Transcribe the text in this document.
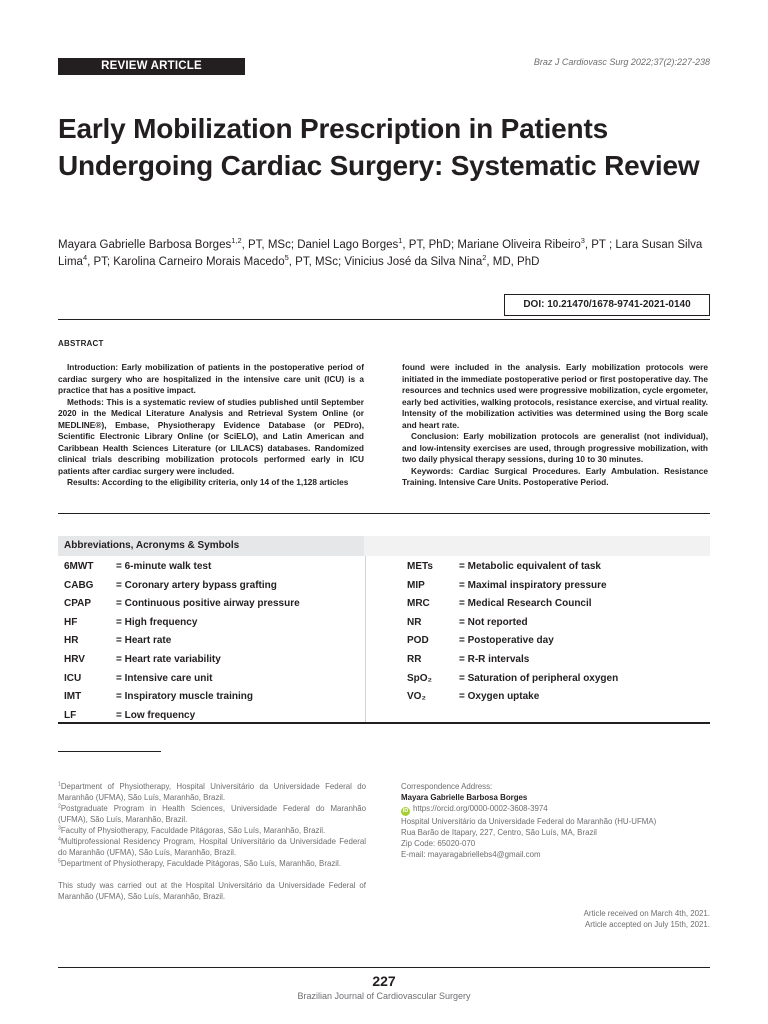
REVIEW ARTICLE	Braz J Cardiovasc Surg 2022;37(2):227-238
Early Mobilization Prescription in Patients Undergoing Cardiac Surgery: Systematic Review
Mayara Gabrielle Barbosa Borges$^{1,2}$, PT, MSc; Daniel Lago Borges$^1$, PT, PhD; Mariane Oliveira Ribeiro$^3$, PT ; Lara Susan Silva Lima$^4$, PT; Karolina Carneiro Morais Macedo$^5$, PT, MSc; Vinicius José da Silva Nina$^2$, MD, PhD
DOI: 10.21470/1678-9741-2021-0140
ABSTRACT

Introduction: Early mobilization of patients in the postoperative period of cardiac surgery who are hospitalized in the intensive care unit (ICU) is a practice that has a positive impact.

Methods: This is a systematic review of studies published until September 2020 in the Medical Literature Analysis and Retrieval System Online (or MEDLINE®), Embase, Physiotherapy Evidence Database (or PEDro), Scientific Electronic Library Online (or SciELO), and Latin American and Caribbean Health Sciences Literature (or LILACS) databases. Randomized clinical trials describing mobilization protocols performed early in ICU patients after cardiac surgery were included.

Results: According to the eligibility criteria, only 14 of the 1,128 articles

found were included in the analysis. Early mobilization protocols were initiated in the immediate postoperative period or first postoperative day. The resources and technics used were progressive mobilization, cycle ergometer, early bed activities, walking protocols, resistance exercise, and virtual reality. Intensity of the mobilization activities was determined using the Borg scale and heart rate.

Conclusion: Early mobilization protocols are generalist (not individual), and low-intensity exercises are used, through progressive mobilization, with two daily physical therapy sessions, during 10 to 30 minutes.

Keywords: Cardiac Surgical Procedures. Early Ambulation. Resistance Training. Intensive Care Units. Postoperative Period.

Abbreviations, Acronyms & Symbols
6MWT = 6-minute walk test
CABG = Coronary artery bypass grafting
CPAP = Continuous positive airway pressure
HF	= High frequency
HR	= Heart rate
HRV	= Heart rate variability
ICU	= Intensive care unit
IMT	= Inspiratory muscle training
LF	= Low frequency
METs	= Metabolic equivalent of task
MIP	= Maximal inspiratory pressure
MRC	= Medical Research Council
NR	= Not reported
POD	= Postoperative day
RR	= R-R intervals
SpO₂	= Saturation of peripheral oxygen
VO₂	= Oxygen uptake
$^1$Department of Physiotherapy, Hospital Universitário da Universidade Federal do Maranhão (UFMA), São Luís, Maranhão, Brazil.
$^2$Postgraduate Program in Health Sciences, Universidade Federal do Maranhão (UFMA), São Luís, Maranhão, Brazil.
$^3$Faculty of Physiotherapy, Faculdade Pitágoras, São Luís, Maranhão, Brazil.
$^4$Multiprofessional Residency Program, Hospital Universitário da Universidade Federal do Maranhão (UFMA), São Luís, Maranhão, Brazil.
$^5$Department of Physiotherapy, Faculdade Pitágoras, São Luís, Maranhão, Brazil.
This study was carried out at the Hospital Universitário da Universidade Federal of Maranhão (UFMA), São Luís, Maranhão, Brazil.
Correspondence Address:
Mayara Gabrielle Barbosa Borges
iD https://orcid.org/0000-0002-3608-3974
Hospital Universitário da Universidade Federal do Maranhão (HU-UFMA)
Rua Barão de Itapary, 227, Centro, São Luís, MA, Brazil
Zip Code: 65020-070
E-mail: mayaragabriellebs4@gmail.com
Article received on March 4th, 2021.
Article accepted on July 15th, 2021.
227
Brazilian Journal of Cardiovascular Surgery
